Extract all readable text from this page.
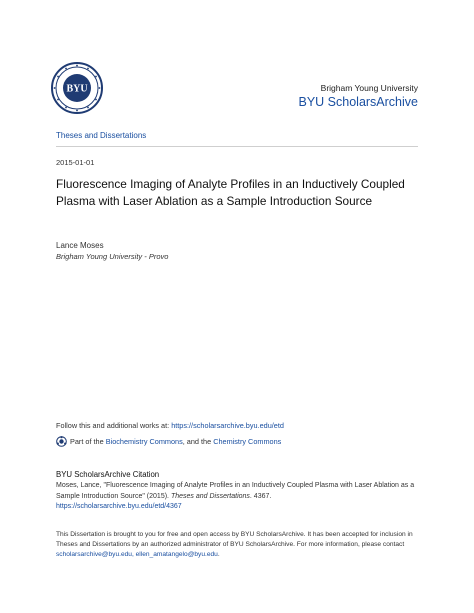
BYU	Brigham Young University
BYU ScholarsArchive
Theses and Dissertations
2015-01-01
Fluorescence Imaging of Analyte Profiles in an Inductively Coupled Plasma with Laser Ablation as a Sample Introduction Source
Lance Moses
Brigham Young University - Provo
Follow this and additional works at: https://scholarsarchive.byu.edu/etd
Part of the Biochemistry Commons, and the Chemistry Commons
BYU ScholarsArchive Citation
Moses, Lance, "Fluorescence Imaging of Analyte Profiles in an Inductively Coupled Plasma with Laser Ablation as a Sample Introduction Source" (2015). Theses and Dissertations. 4367.
https://scholarsarchive.byu.edu/etd/4367
This Dissertation is brought to you for free and open access by BYU ScholarsArchive. It has been accepted for inclusion in Theses and Dissertations by an authorized administrator of BYU ScholarsArchive. For more information, please contact scholarsarchive@byu.edu, ellen_amatangelo@byu.edu.
